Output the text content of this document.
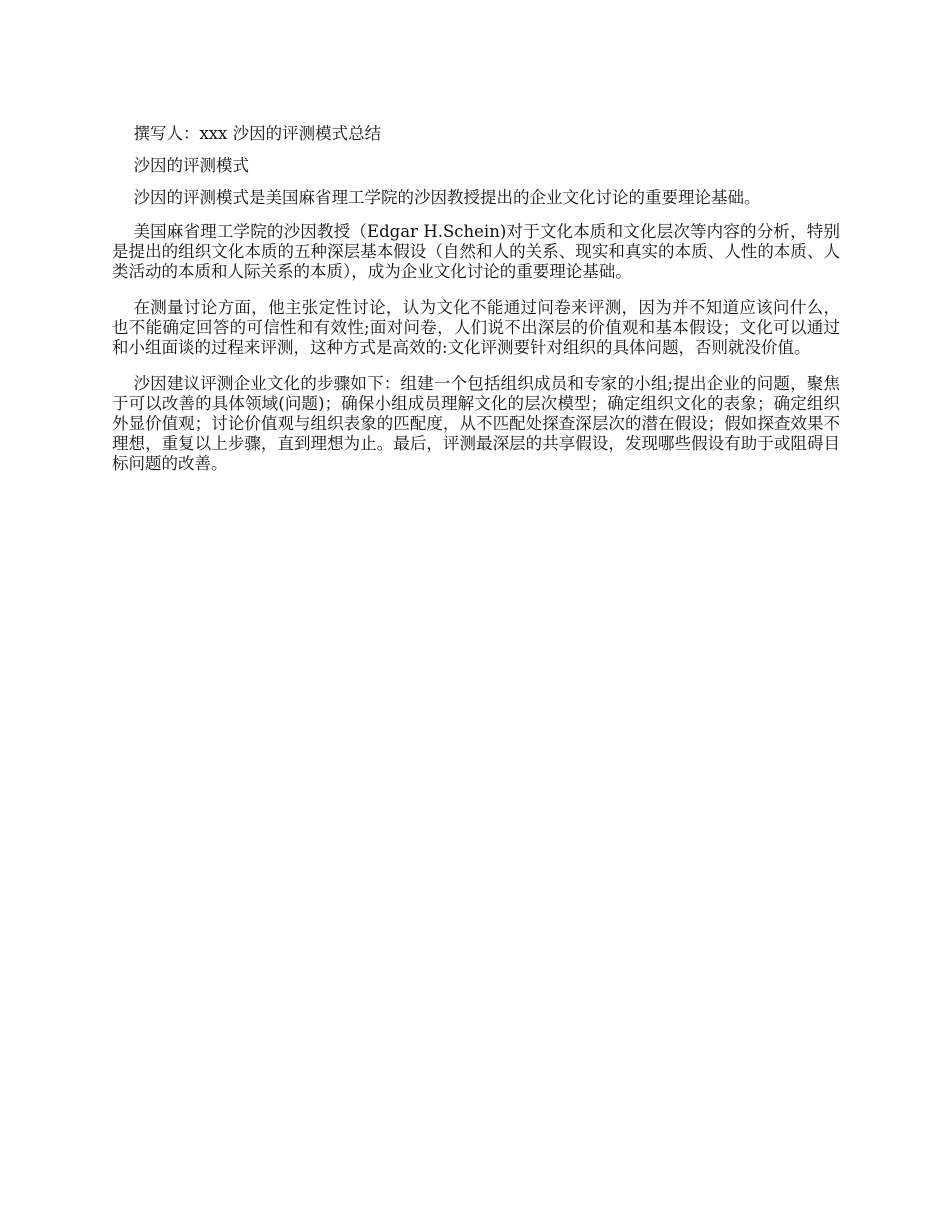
撰写人：xxx 沙因的评测模式总结

沙因的评测模式

沙因的评测模式是美国麻省理工学院的沙因教授提出的企业文化讨论的重要理论基础。

美国麻省理工学院的沙因教授（Edgar H.Schein)对于文化本质和文化层次等内容的分析，特别是提出的组织文化本质的五种深层基本假设（自然和人的关系、现实和真实的本质、人性的本质、人类活动的本质和人际关系的本质），成为企业文化讨论的重要理论基础。

在测量讨论方面，他主张定性讨论，认为文化不能通过问卷来评测，因为并不知道应该问什么，也不能确定回答的可信性和有效性;面对问卷，人们说不出深层的价值观和基本假设；文化可以通过和小组面谈的过程来评测，这种方式是高效的:文化评测要针对组织的具体问题，否则就没价值。

沙因建议评测企业文化的步骤如下：组建一个包括组织成员和专家的小组;提出企业的问题，聚焦于可以改善的具体领域(问题)；确保小组成员理解文化的层次模型；确定组织文化的表象；确定组织外显价值观；讨论价值观与组织表象的匹配度，从不匹配处探查深层次的潜在假设；假如探查效果不理想，重复以上步骤，直到理想为止。最后，评测最深层的共享假设，发现哪些假设有助于或阻碍目标问题的改善。
